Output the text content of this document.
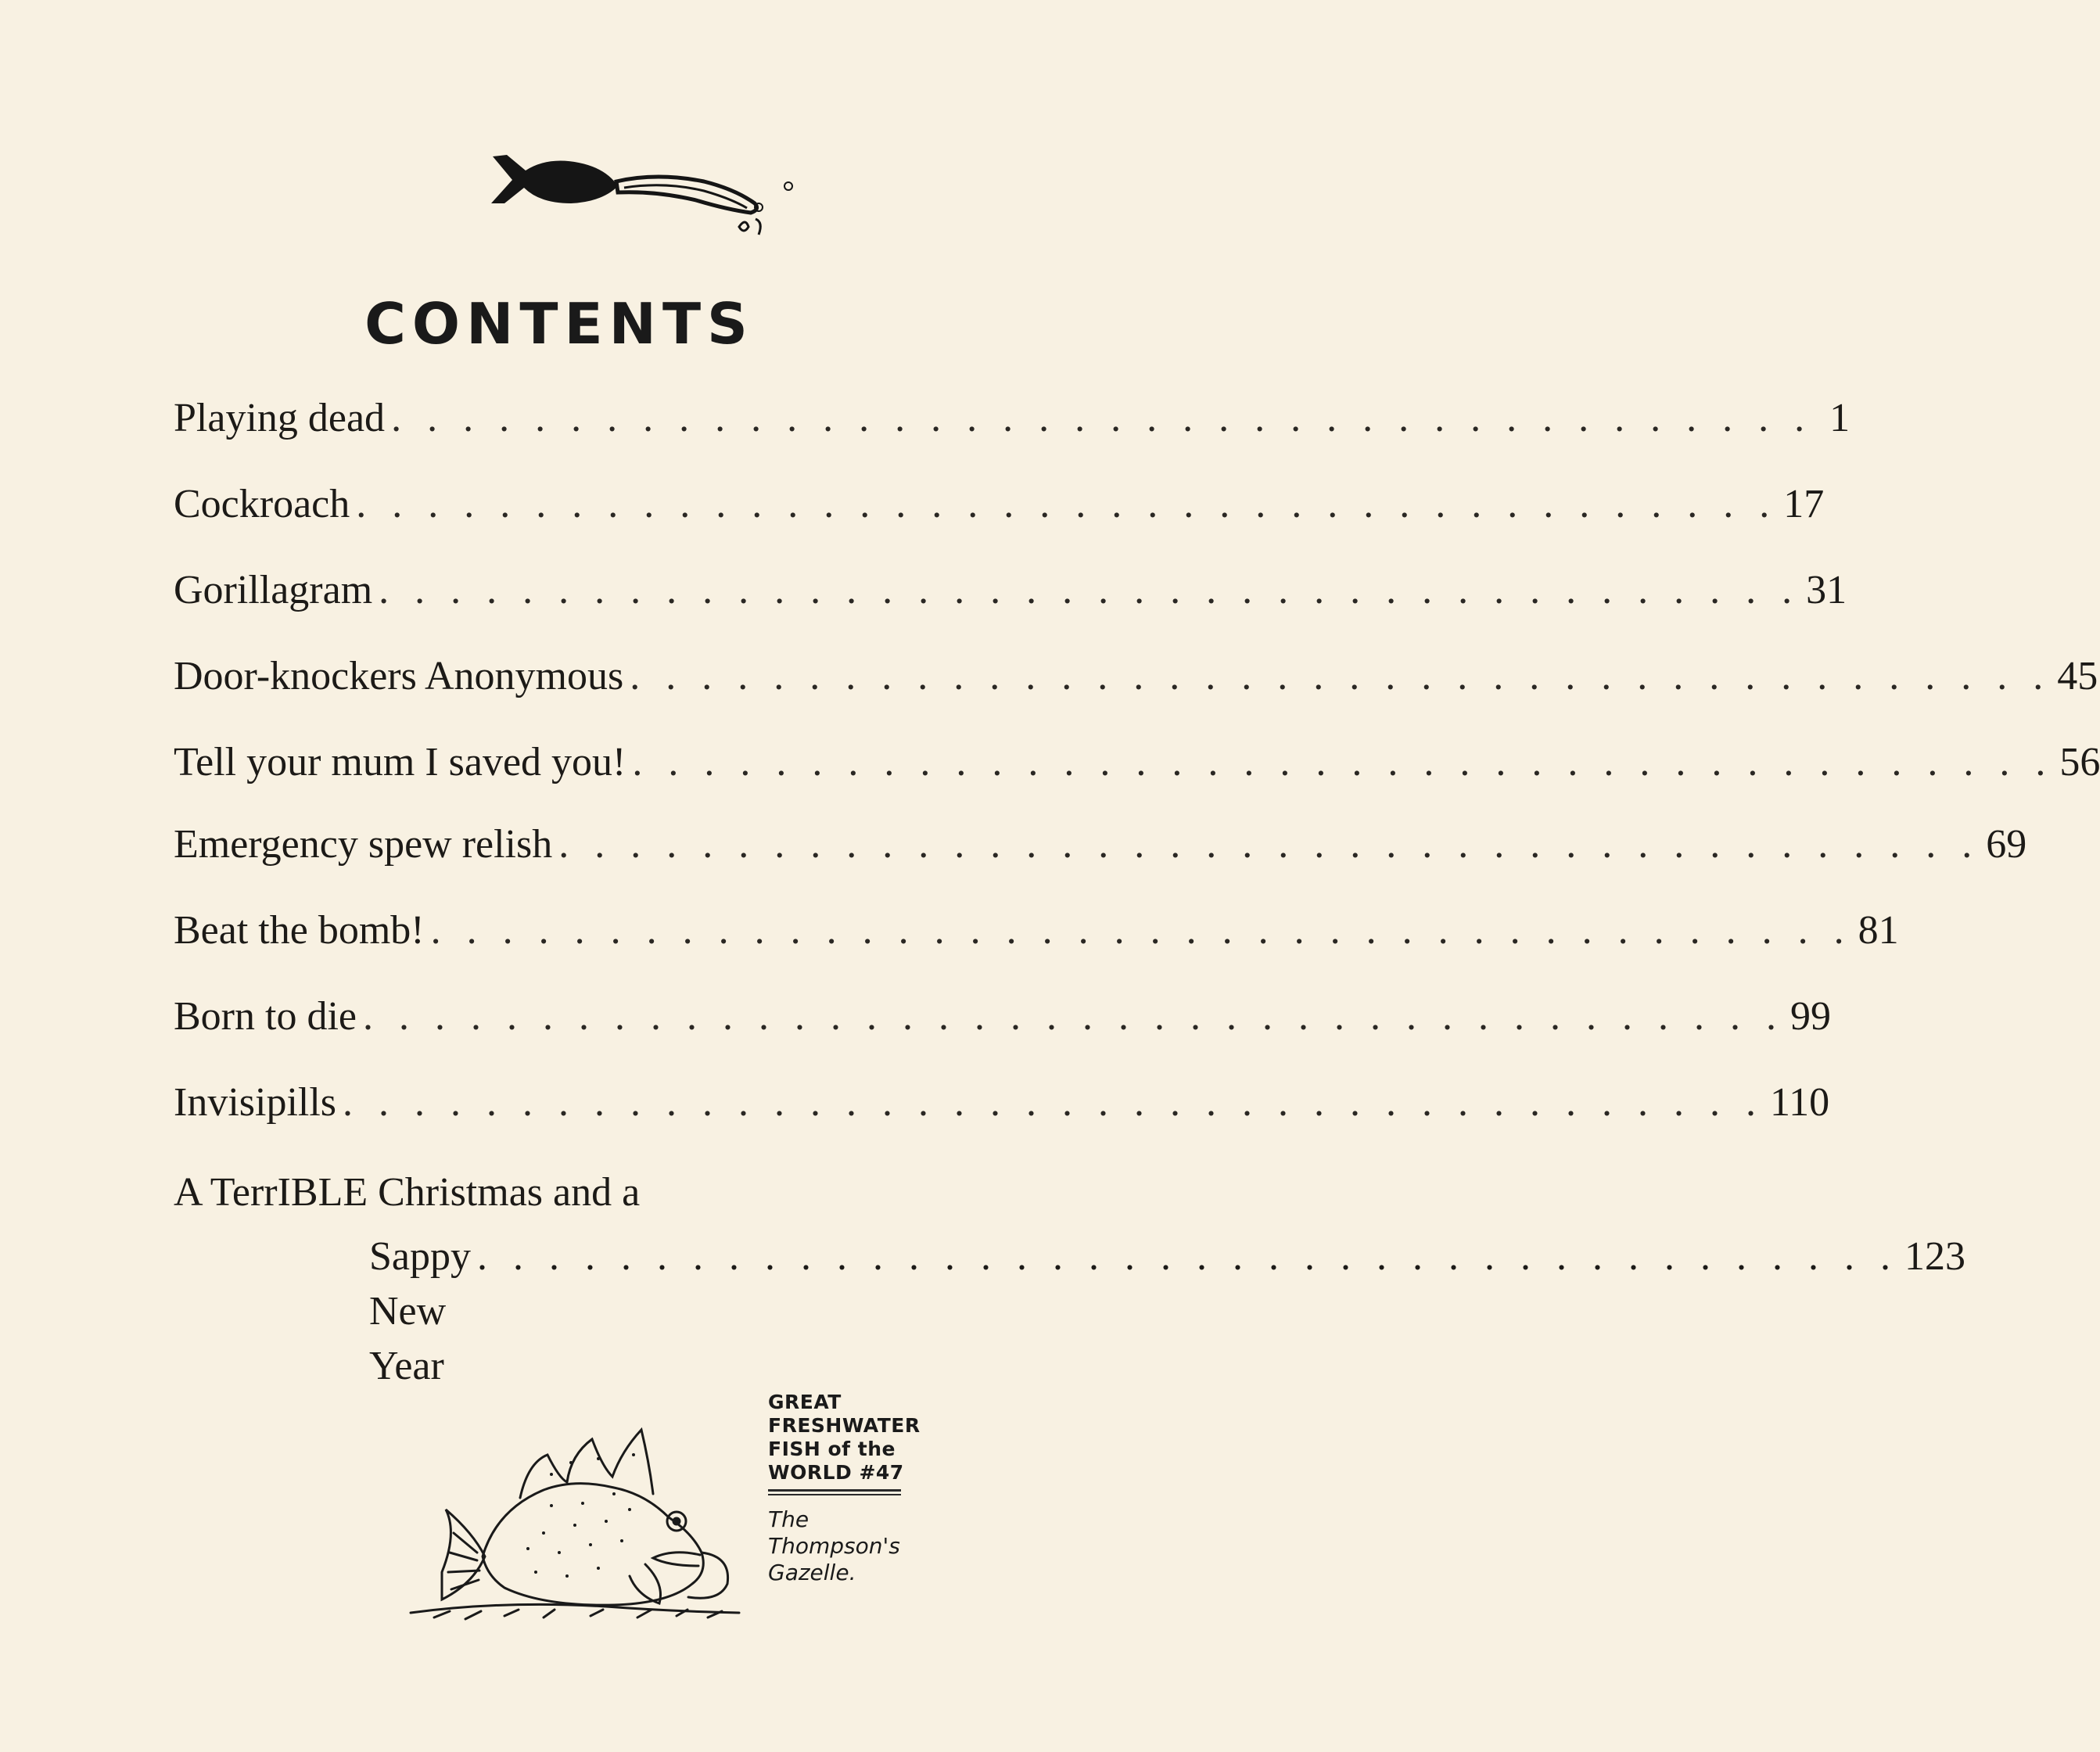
CONTENTS
Playing dead . . . . . . . . . . . . . . . . . . . . . . . . . . . . . . . . . . . . . . . . 1
Cockroach . . . . . . . . . . . . . . . . . . . . . . . . . . . . . . . . . . . . . . . . 17
Gorillagram . . . . . . . . . . . . . . . . . . . . . . . . . . . . . . . . . . . . . . . . 31
Door-knockers Anonymous . . . . . . . . . . . . . . . . . . . . . . . . . . . . . . . . . . . . . . . . 45
Tell your mum I saved you! . . . . . . . . . . . . . . . . . . . . . . . . . . . . . . . . . . . . . . . . 56
Emergency spew relish . . . . . . . . . . . . . . . . . . . . . . . . . . . . . . . . . . . . . . . . 69
Beat the bomb! . . . . . . . . . . . . . . . . . . . . . . . . . . . . . . . . . . . . . . . . 81
Born to die . . . . . . . . . . . . . . . . . . . . . . . . . . . . . . . . . . . . . . . . 99
Invisipills . . . . . . . . . . . . . . . . . . . . . . . . . . . . . . . . . . . . . . . . 110
A TerrIBLE Christmas and a
Sappy New Year
. . . . . . . . . . . . . . . . . . . . . . . . . . . . . . . . . . . . . . . . 123
GREAT
FRESHWATER
FISH of the
WORLD #47
The
Thompson's
Gazelle.
